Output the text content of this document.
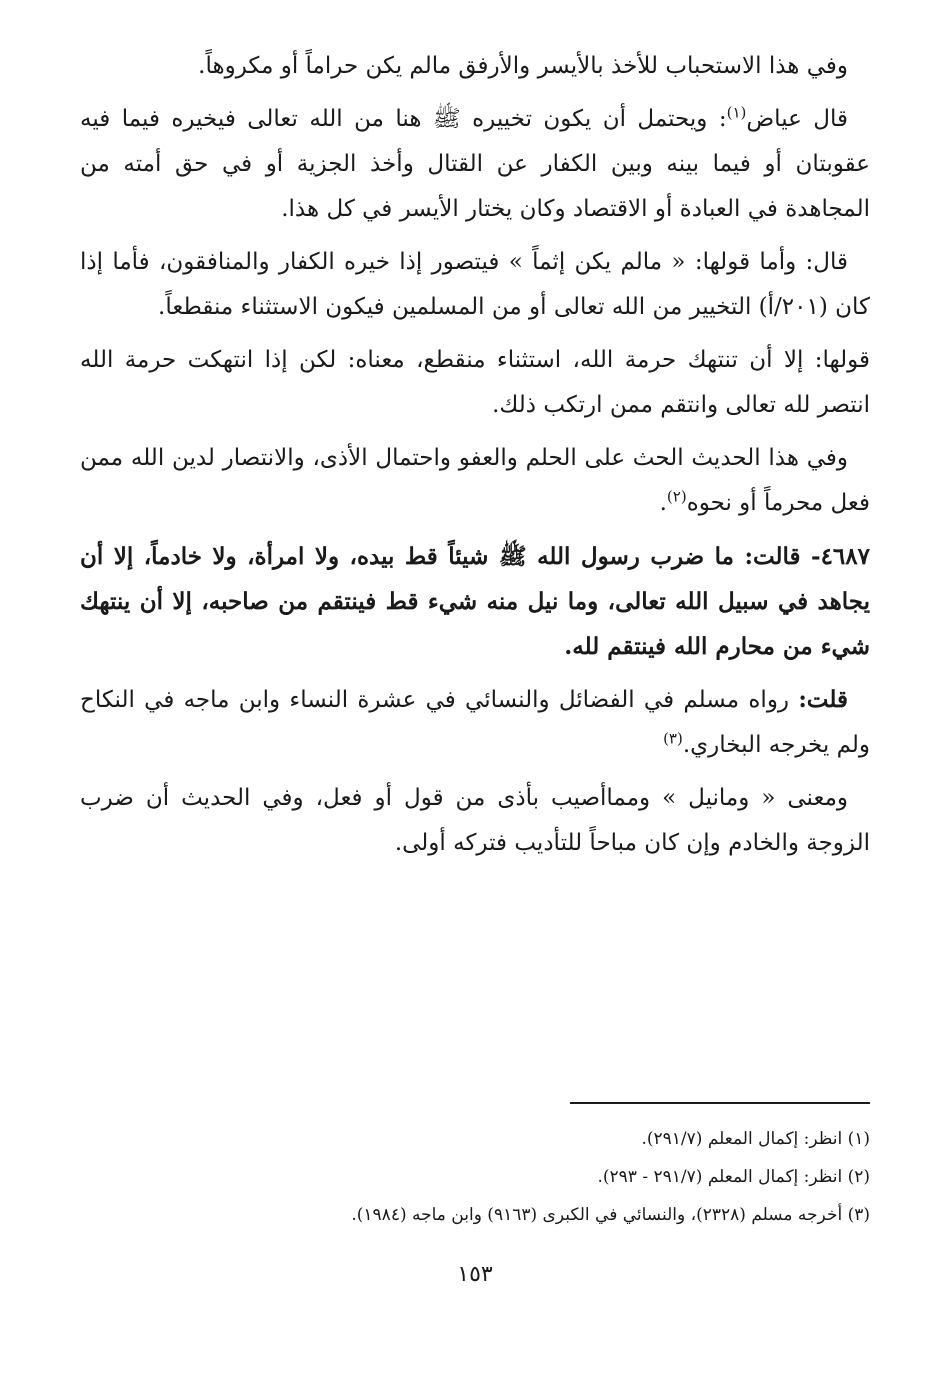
وفي هذا الاستحباب للأخذ بالأيسر والأرفق مالم يكن حراماً أو مكروهاً.

قال عياض$^{(١)}$: ويحتمل أن يكون تخييره ﷺ هنا من الله تعالى فيخيره فيما فيه عقوبتان أو فيما بينه وبين الكفار عن القتال وأخذ الجزية أو في حق أمته من المجاهدة في العبادة أو الاقتصاد وكان يختار الأيسر في كل هذا.

قال: وأما قولها: « مالم يكن إثماً » فيتصور إذا خيره الكفار والمنافقون، فأما إذا كان (٢٠١/أ) التخيير من الله تعالى أو من المسلمين فيكون الاستثناء منقطعاً.

قولها: إلا أن تنتهك حرمة الله، استثناء منقطع، معناه: لكن إذا انتهكت حرمة الله انتصر لله تعالى وانتقم ممن ارتكب ذلك.

وفي هذا الحديث الحث على الحلم والعفو واحتمال الأذى، والانتصار لدين الله ممن فعل محرماً أو نحوه$^{(٢)}$.

٤٦٨٧- قالت: ما ضرب رسول الله ﷺ شيئاً قط بيده، ولا امرأة، ولا خادماً، إلا أن يجاهد في سبيل الله تعالى، وما نيل منه شيء قط فينتقم من صاحبه، إلا أن ينتهك شيء من محارم الله فينتقم لله.

قلت: رواه مسلم في الفضائل والنسائي في عشرة النساء وابن ماجه في النكاح ولم يخرجه البخاري.$^{(٣)}$

ومعنى « ومانيل » ومماأصيب بأذى من قول أو فعل، وفي الحديث أن ضرب الزوجة والخادم وإن كان مباحاً للتأديب فتركه أولى.

(١) انظر: إكمال المعلم (٢٩١/٧).

(٢) انظر: إكمال المعلم (٢٩١/٧ - ٢٩٣).

(٣) أخرجه مسلم (٢٣٢٨)، والنسائي في الكبرى (٩١٦٣) وابن ماجه (١٩٨٤).

١٥٣
